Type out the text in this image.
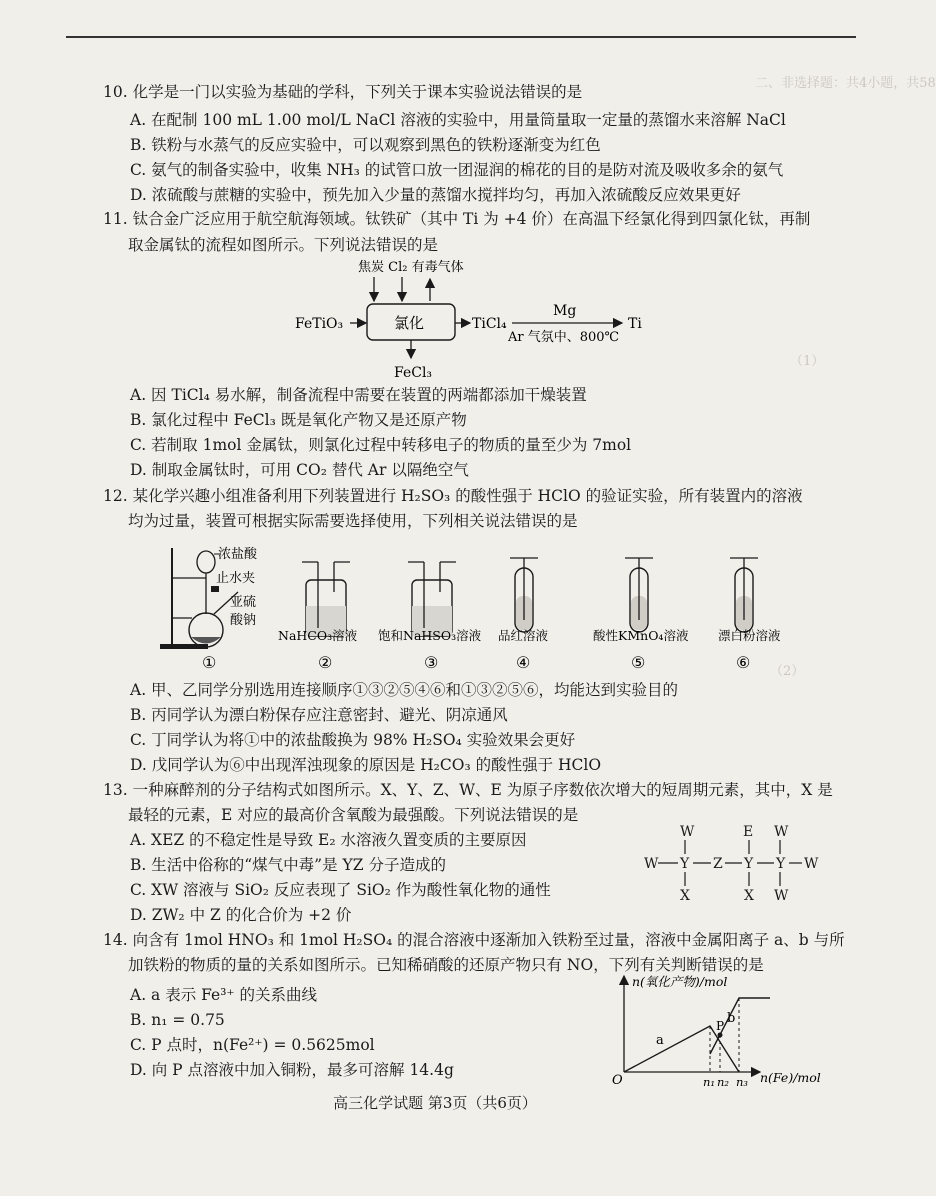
二、非选择题：共4小题，共58
（1）
（2）
10. 化学是一门以实验为基础的学科，下列关于课本实验说法错误的是
A. 在配制 100 mL 1.00 mol/L NaCl 溶液的实验中，用量筒量取一定量的蒸馏水来溶解 NaCl
B. 铁粉与水蒸气的反应实验中，可以观察到黑色的铁粉逐渐变为红色
C. 氨气的制备实验中，收集 NH₃ 的试管口放一团湿润的棉花的目的是防对流及吸收多余的氨气
D. 浓硫酸与蔗糖的实验中，预先加入少量的蒸馏水搅拌均匀，再加入浓硫酸反应效果更好
11. 钛合金广泛应用于航空航海领域。钛铁矿（其中 Ti 为 +4 价）在高温下经氯化得到四氯化钛，再制
取金属钛的流程如图所示。下列说法错误的是
焦炭 Cl₂ 有毒气体
FeTiO₃	氯化	TiCl₄
Mg
Ar 气氛中、800℃
Ti
FeCl₃
A. 因 TiCl₄ 易水解，制备流程中需要在装置的两端都添加干燥装置
B. 氯化过程中 FeCl₃ 既是氧化产物又是还原产物
C. 若制取 1mol 金属钛，则氯化过程中转移电子的物质的量至少为 7mol
D. 制取金属钛时，可用 CO₂ 替代 Ar 以隔绝空气
12. 某化学兴趣小组准备利用下列装置进行 H₂SO₃ 的酸性强于 HClO 的验证实验，所有装置内的溶液
均为过量，装置可根据实际需要选择使用，下列相关说法错误的是
浓盐酸
止水夹
亚硫
酸钠
NaHCO₃溶液 饱和NaHSO₃溶液 品红溶液	酸性KMnO₄溶液 漂白粉溶液
①	②	③	④	⑤	⑥
A. 甲、乙同学分别选用连接顺序①③②⑤④⑥和①③②⑤⑥，均能达到实验目的
B. 丙同学认为漂白粉保存应注意密封、避光、阴凉通风
C. 丁同学认为将①中的浓盐酸换为 98% H₂SO₄ 实验效果会更好
D. 戊同学认为⑥中出现浑浊现象的原因是 H₂CO₃ 的酸性强于 HClO
13. 一种麻醉剂的分子结构式如图所示。X、Y、Z、W、E 为原子序数依次增大的短周期元素，其中，X 是
最轻的元素，E 对应的最高价含氧酸为最强酸。下列说法错误的是
W	E W
W Y Z Y Y W
X	X W
A. XEZ 的不稳定性是导致 E₂ 水溶液久置变质的主要原因
B. 生活中俗称的“煤气中毒”是 YZ 分子造成的
C. XW 溶液与 SiO₂ 反应表现了 SiO₂ 作为酸性氧化物的通性
D. ZW₂ 中 Z 的化合价为 +2 价
14. 向含有 1mol HNO₃ 和 1mol H₂SO₄ 的混合溶液中逐渐加入铁粉至过量，溶液中金属阳离子 a、b 与所
加铁粉的物质的量的关系如图所示。已知稀硝酸的还原产物只有 NO，下列有关判断错误的是
A. a 表示 Fe³⁺ 的关系曲线
B. n₁ = 0.75
C. P 点时，n(Fe²⁺) = 0.5625mol
D. 向 P 点溶液中加入铜粉，最多可溶解 14.4g
n(氧化产物)/mol
n(Fe)/mol
O
a
b
P
n₁ n₂ n₃
高三化学试题 第3页（共6页）
